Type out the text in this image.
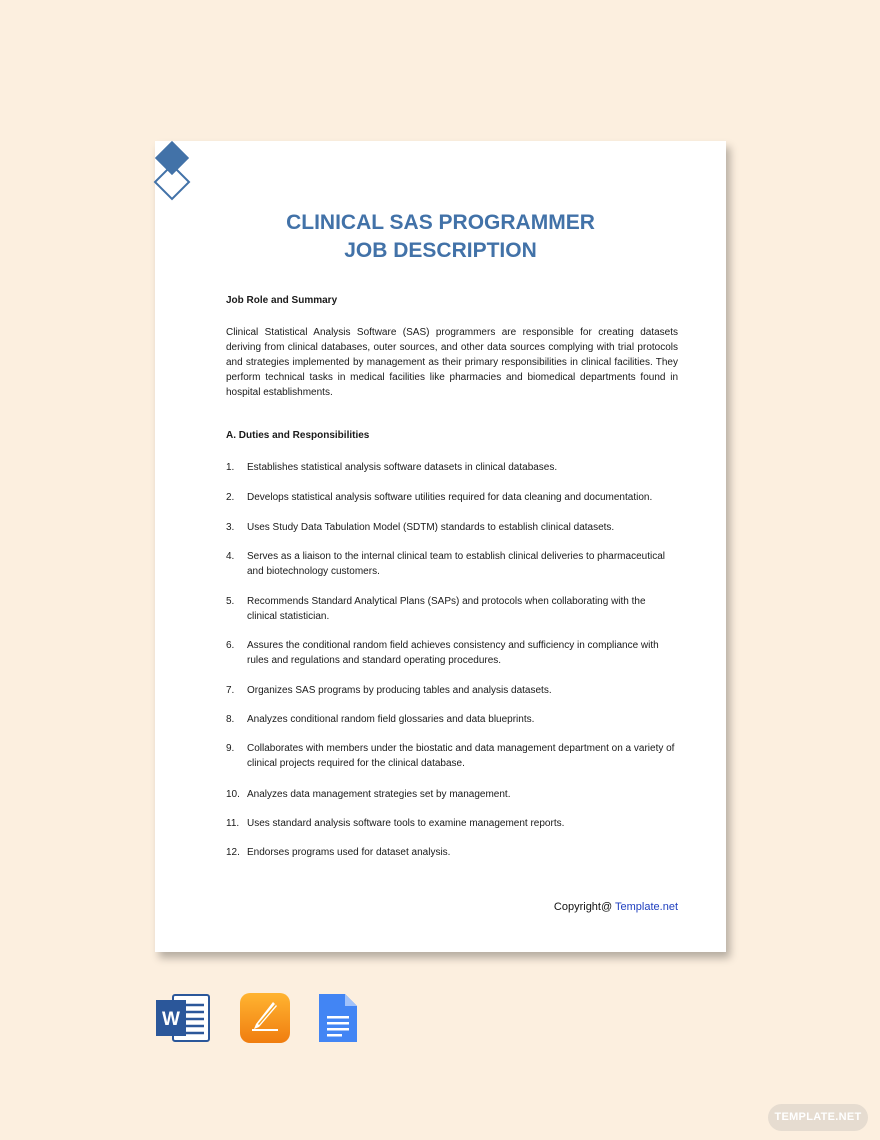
CLINICAL SAS PROGRAMMER
JOB DESCRIPTION

Job Role and Summary

Clinical Statistical Analysis Software (SAS) programmers are responsible for creating datasets deriving from clinical databases, outer sources, and other data sources complying with trial protocols and strategies implemented by management as their primary responsibilities in clinical facilities. They perform technical tasks in medical facilities like pharmacies and biomedical departments found in hospital establishments.

A. Duties and Responsibilities

1. Establishes statistical analysis software datasets in clinical databases.
2. Develops statistical analysis software utilities required for data cleaning and documentation.
3. Uses Study Data Tabulation Model (SDTM) standards to establish clinical datasets.
4. Serves as a liaison to the internal clinical team to establish clinical deliveries to pharmaceutical and biotechnology customers.
5. Recommends Standard Analytical Plans (SAPs) and protocols when collaborating with the clinical statistician.
6. Assures the conditional random field achieves consistency and sufficiency in compliance with rules and regulations and standard operating procedures.
7. Organizes SAS programs by producing tables and analysis datasets.
8. Analyzes conditional random field glossaries and data blueprints.
9. Collaborates with members under the biostatic and data management department on a variety of clinical projects required for the clinical database.
10. Analyzes data management strategies set by management.
11. Uses standard analysis software tools to examine management reports.
12. Endorses programs used for dataset analysis.
Copyright@ Template.net
W
TEMPLATE.NET
